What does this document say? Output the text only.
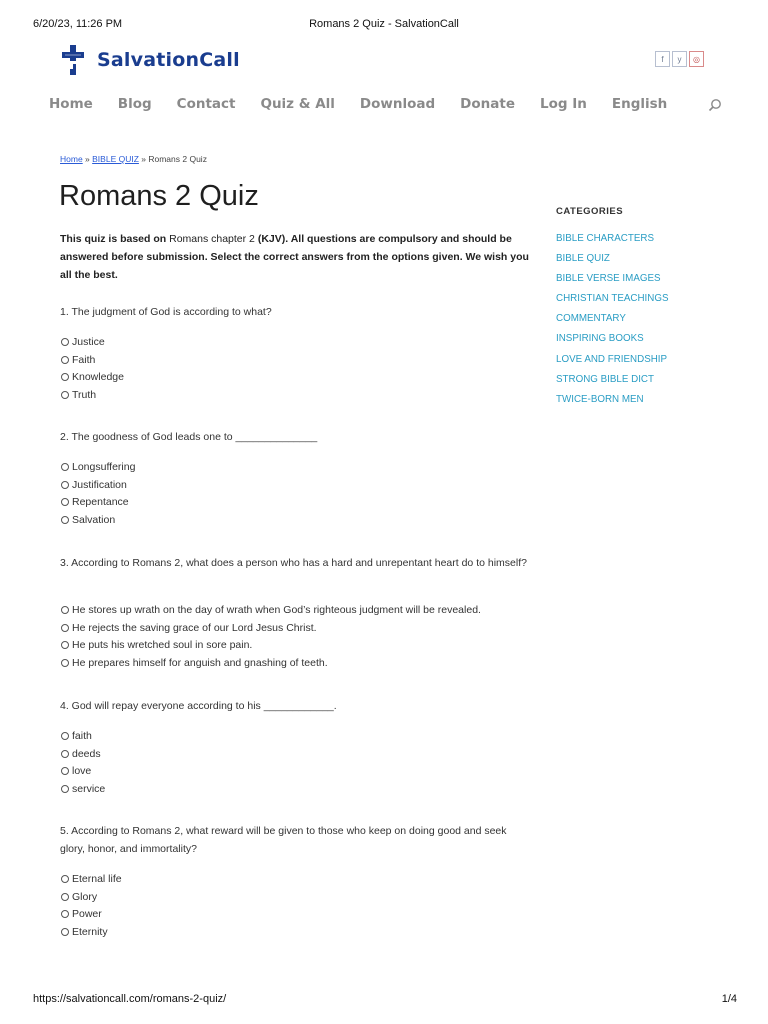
6/20/23, 11:26 PM	Romans 2 Quiz - SalvationCall
SalvationCall	f	y	◎
Home Blog Contact Quiz & All Download Donate Log In English
Home » BIBLE QUIZ » Romans 2 Quiz
Romans 2 Quiz
This quiz is based on Romans chapter 2 (KJV). All questions are compulsory and should be answered before submission. Select the correct answers from the options given. We wish you all the best.
1. The judgment of God is according to what?
Justice
Faith
Knowledge
Truth
2. The goodness of God leads one to ______________
Longsuffering
Justification
Repentance
Salvation
3. According to Romans 2, what does a person who has a hard and unrepentant heart do to himself?
He stores up wrath on the day of wrath when God’s righteous judgment will be revealed.
He rejects the saving grace of our Lord Jesus Christ.
He puts his wretched soul in sore pain.
He prepares himself for anguish and gnashing of teeth.
4. God will repay everyone according to his ____________.
faith
deeds
love
service
5. According to Romans 2, what reward will be given to those who keep on doing good and seek glory, honor, and immortality?
Eternal life
Glory
Power
Eternity
CATEGORIES
BIBLE CHARACTERS
BIBLE QUIZ
BIBLE VERSE IMAGES
CHRISTIAN TEACHINGS
COMMENTARY
INSPIRING BOOKS
LOVE AND FRIENDSHIP
STRONG BIBLE DICT
TWICE-BORN MEN
https://salvationcall.com/romans-2-quiz/	1/4
